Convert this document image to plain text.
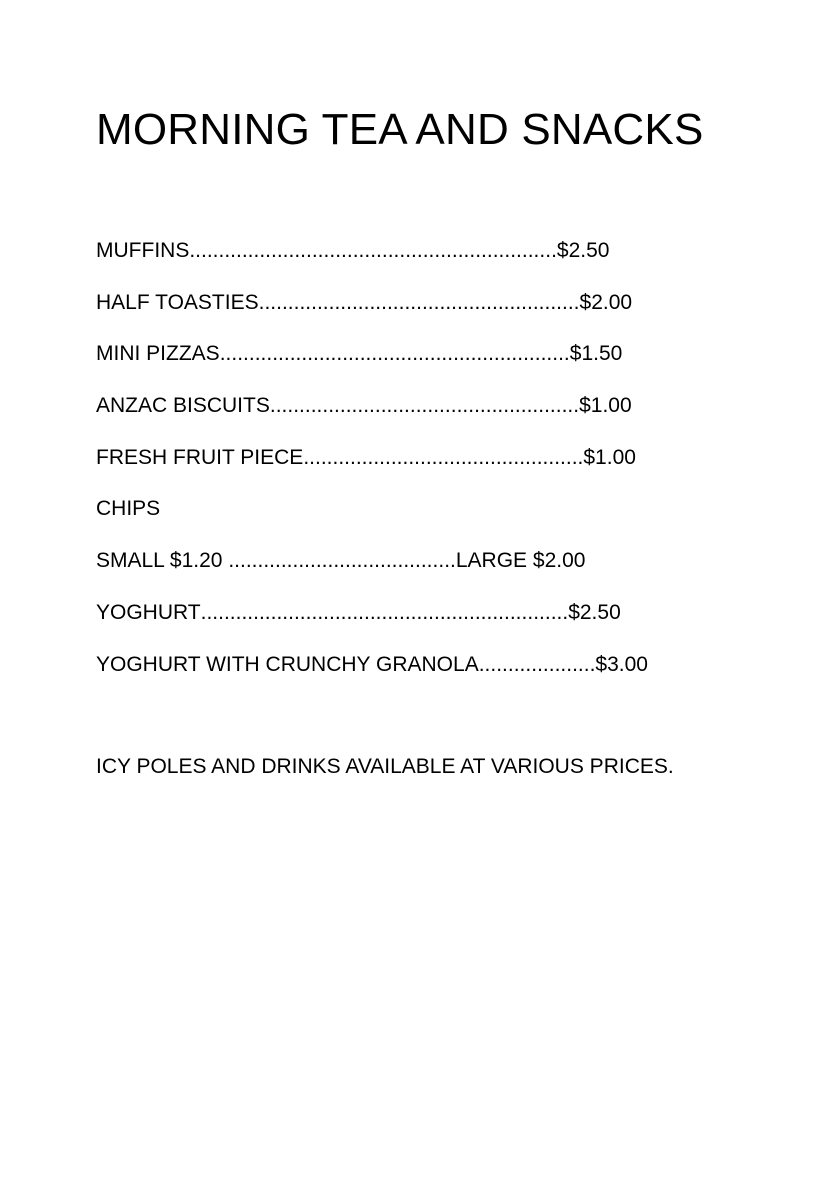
MORNING TEA AND SNACKS
MUFFINS ............................................................... $2.50
HALF TOASTIES ....................................................... $2.00
MINI PIZZAS ............................................................ $1.50
ANZAC BISCUITS ..................................................... $1.00
FRESH FRUIT PIECE ................................................ $1.00
CHIPS
SMALL $1.20 ....................................... LARGE $2.00
YOGHURT ............................................................... $2.50
YOGHURT WITH CRUNCHY GRANOLA .................... $3.00
ICY POLES AND DRINKS AVAILABLE AT VARIOUS PRICES.
